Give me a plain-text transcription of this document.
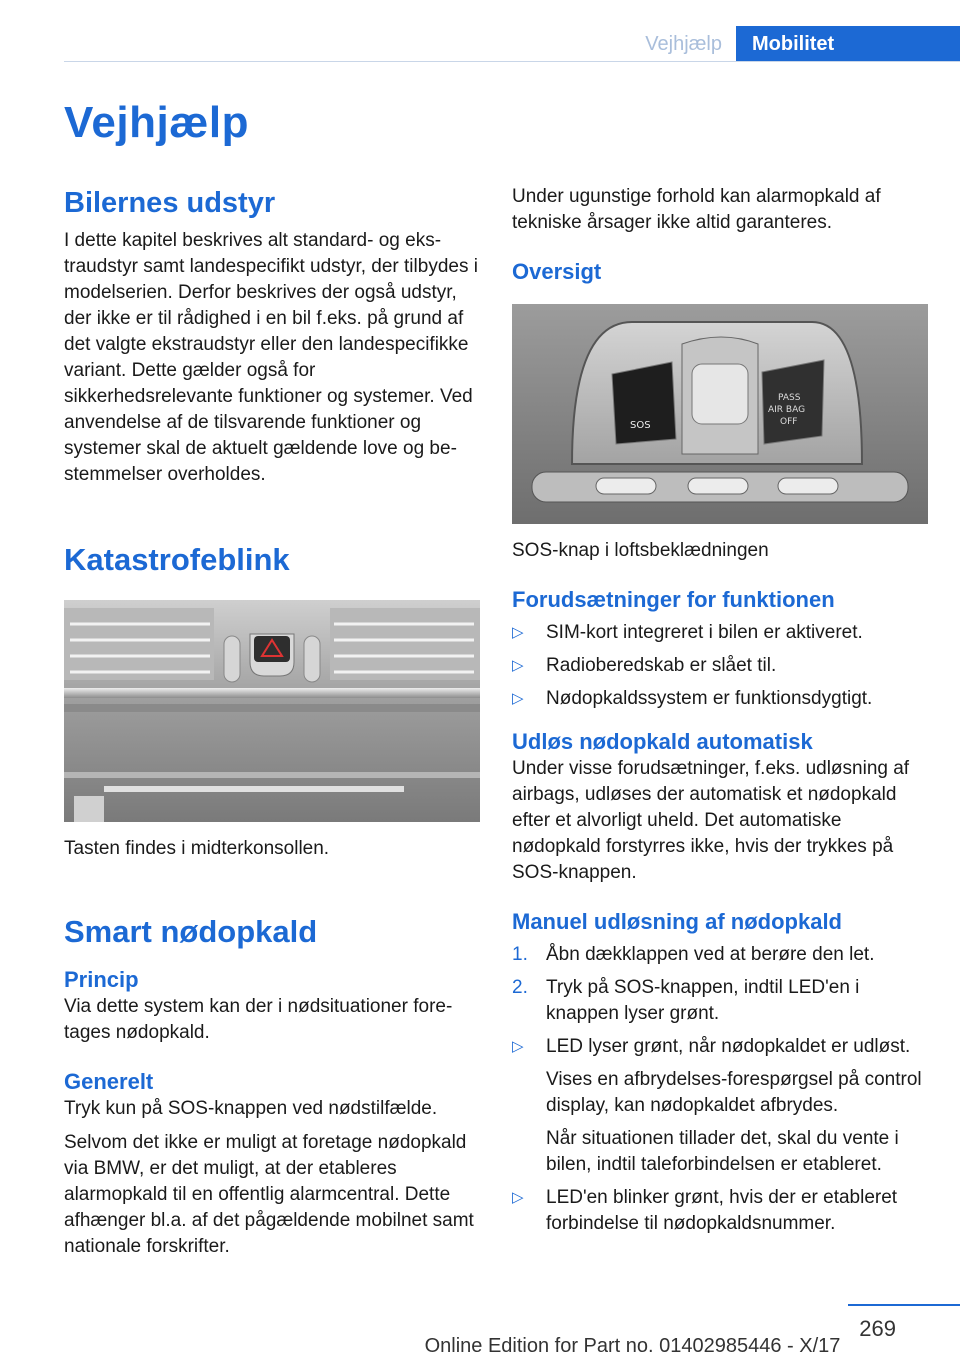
Vejhjælp	Mobilitet
Vejhjælp
Bilernes udstyr
I dette kapitel beskrives alt standard- og ekstraudstyr samt landespecifikt udstyr, der tilbydes i modelserien. Derfor beskrives der også udstyr, der ikke er til rådighed i en bil f.eks. på grund af det valgte ekstraudstyr eller den landespecifikke variant. Dette gælder også for sikkerhedsrelevante funktioner og systemer. Ved anvendelse af de tilsvarende funktioner og systemer skal de aktuelt gældende love og bestemmelser overholdes.
Katastrofeblink
Tasten findes i midterkonsollen.
Smart nødopkald
Princip
Via dette system kan der i nødsituationer foretages nødopkald.
Generelt
Tryk kun på SOS-knappen ved nødstilfælde.
Selvom det ikke er muligt at foretage nødopkald via BMW, er det muligt, at der etableres alarmopkald til en offentlig alarmcentral. Dette afhænger bl.a. af det pågældende mobilnet samt nationale forskrifter.
Under ugunstige forhold kan alarmopkald af tekniske årsager ikke altid garanteres.
Oversigt
SOS
PASS
AIR BAG
OFF
SOS-knap i loftsbeklædningen
Forudsætninger for funktionen
▷	SIM-kort integreret i bilen er aktiveret.
▷	Radioberedskab er slået til.
▷	Nødopkaldssystem er funktionsdygtigt.
Udløs nødopkald automatisk
Under visse forudsætninger, f.eks. udløsning af airbags, udløses der automatisk et nødopkald efter et alvorligt uheld. Det automatiske nødopkald forstyrres ikke, hvis der trykkes på SOS-knappen.
Manuel udløsning af nødopkald
1. Åbn dækklappen ved at berøre den let.
2. Tryk på SOS-knappen, indtil LED'en i knappen lyser grønt.
▷	LED lyser grønt, når nødopkaldet er udløst.
Vises en afbrydelses-forespørgsel på control display, kan nødopkaldet afbrydes.
Når situationen tillader det, skal du vente i bilen, indtil taleforbindelsen er etableret.
▷	LED'en blinker grønt, hvis der er etableret forbindelse til nødopkaldsnummer.
269
Online Edition for Part no. 01402985446 - X/17
